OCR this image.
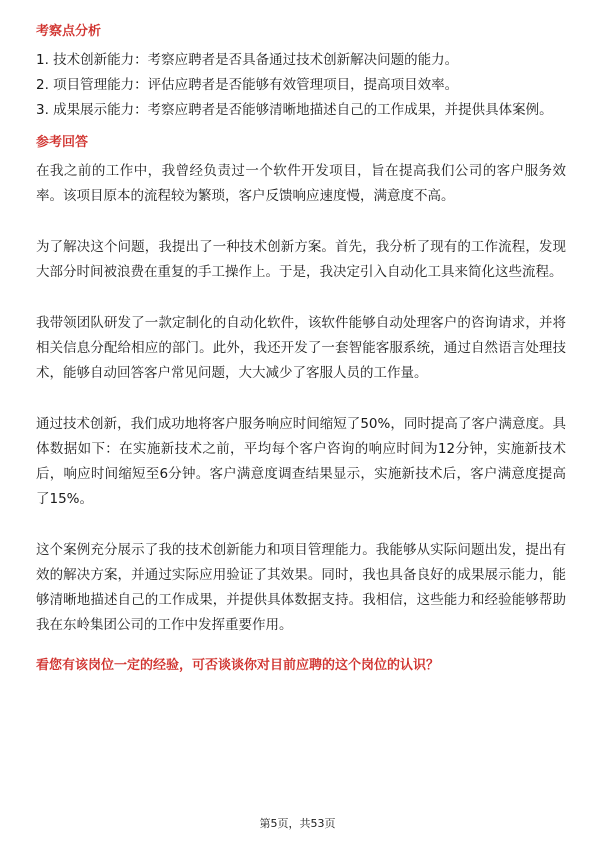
考察点分析

1. 技术创新能力：考察应聘者是否具备通过技术创新解决问题的能力。

2. 项目管理能力：评估应聘者是否能够有效管理项目，提高项目效率。

3. 成果展示能力：考察应聘者是否能够清晰地描述自己的工作成果，并提供具体案例。

参考回答

在我之前的工作中，我曾经负责过一个软件开发项目，旨在提高我们公司的客户服务效率。该项目原本的流程较为繁琐，客户反馈响应速度慢，满意度不高。

为了解决这个问题，我提出了一种技术创新方案。首先，我分析了现有的工作流程，发现大部分时间被浪费在重复的手工操作上。于是，我决定引入自动化工具来简化这些流程。

我带领团队研发了一款定制化的自动化软件，该软件能够自动处理客户的咨询请求，并将相关信息分配给相应的部门。此外，我还开发了一套智能客服系统，通过自然语言处理技术，能够自动回答客户常见问题，大大减少了客服人员的工作量。

通过技术创新，我们成功地将客户服务响应时间缩短了50%，同时提高了客户满意度。具体数据如下：在实施新技术之前，平均每个客户咨询的响应时间为12分钟，实施新技术后，响应时间缩短至6分钟。客户满意度调查结果显示，实施新技术后，客户满意度提高了15%。

这个案例充分展示了我的技术创新能力和项目管理能力。我能够从实际问题出发，提出有效的解决方案，并通过实际应用验证了其效果。同时，我也具备良好的成果展示能力，能够清晰地描述自己的工作成果，并提供具体数据支持。我相信，这些能力和经验能够帮助我在东岭集团公司的工作中发挥重要作用。

看您有该岗位一定的经验，可否谈谈你对目前应聘的这个岗位的认识？
第5页，共53页
